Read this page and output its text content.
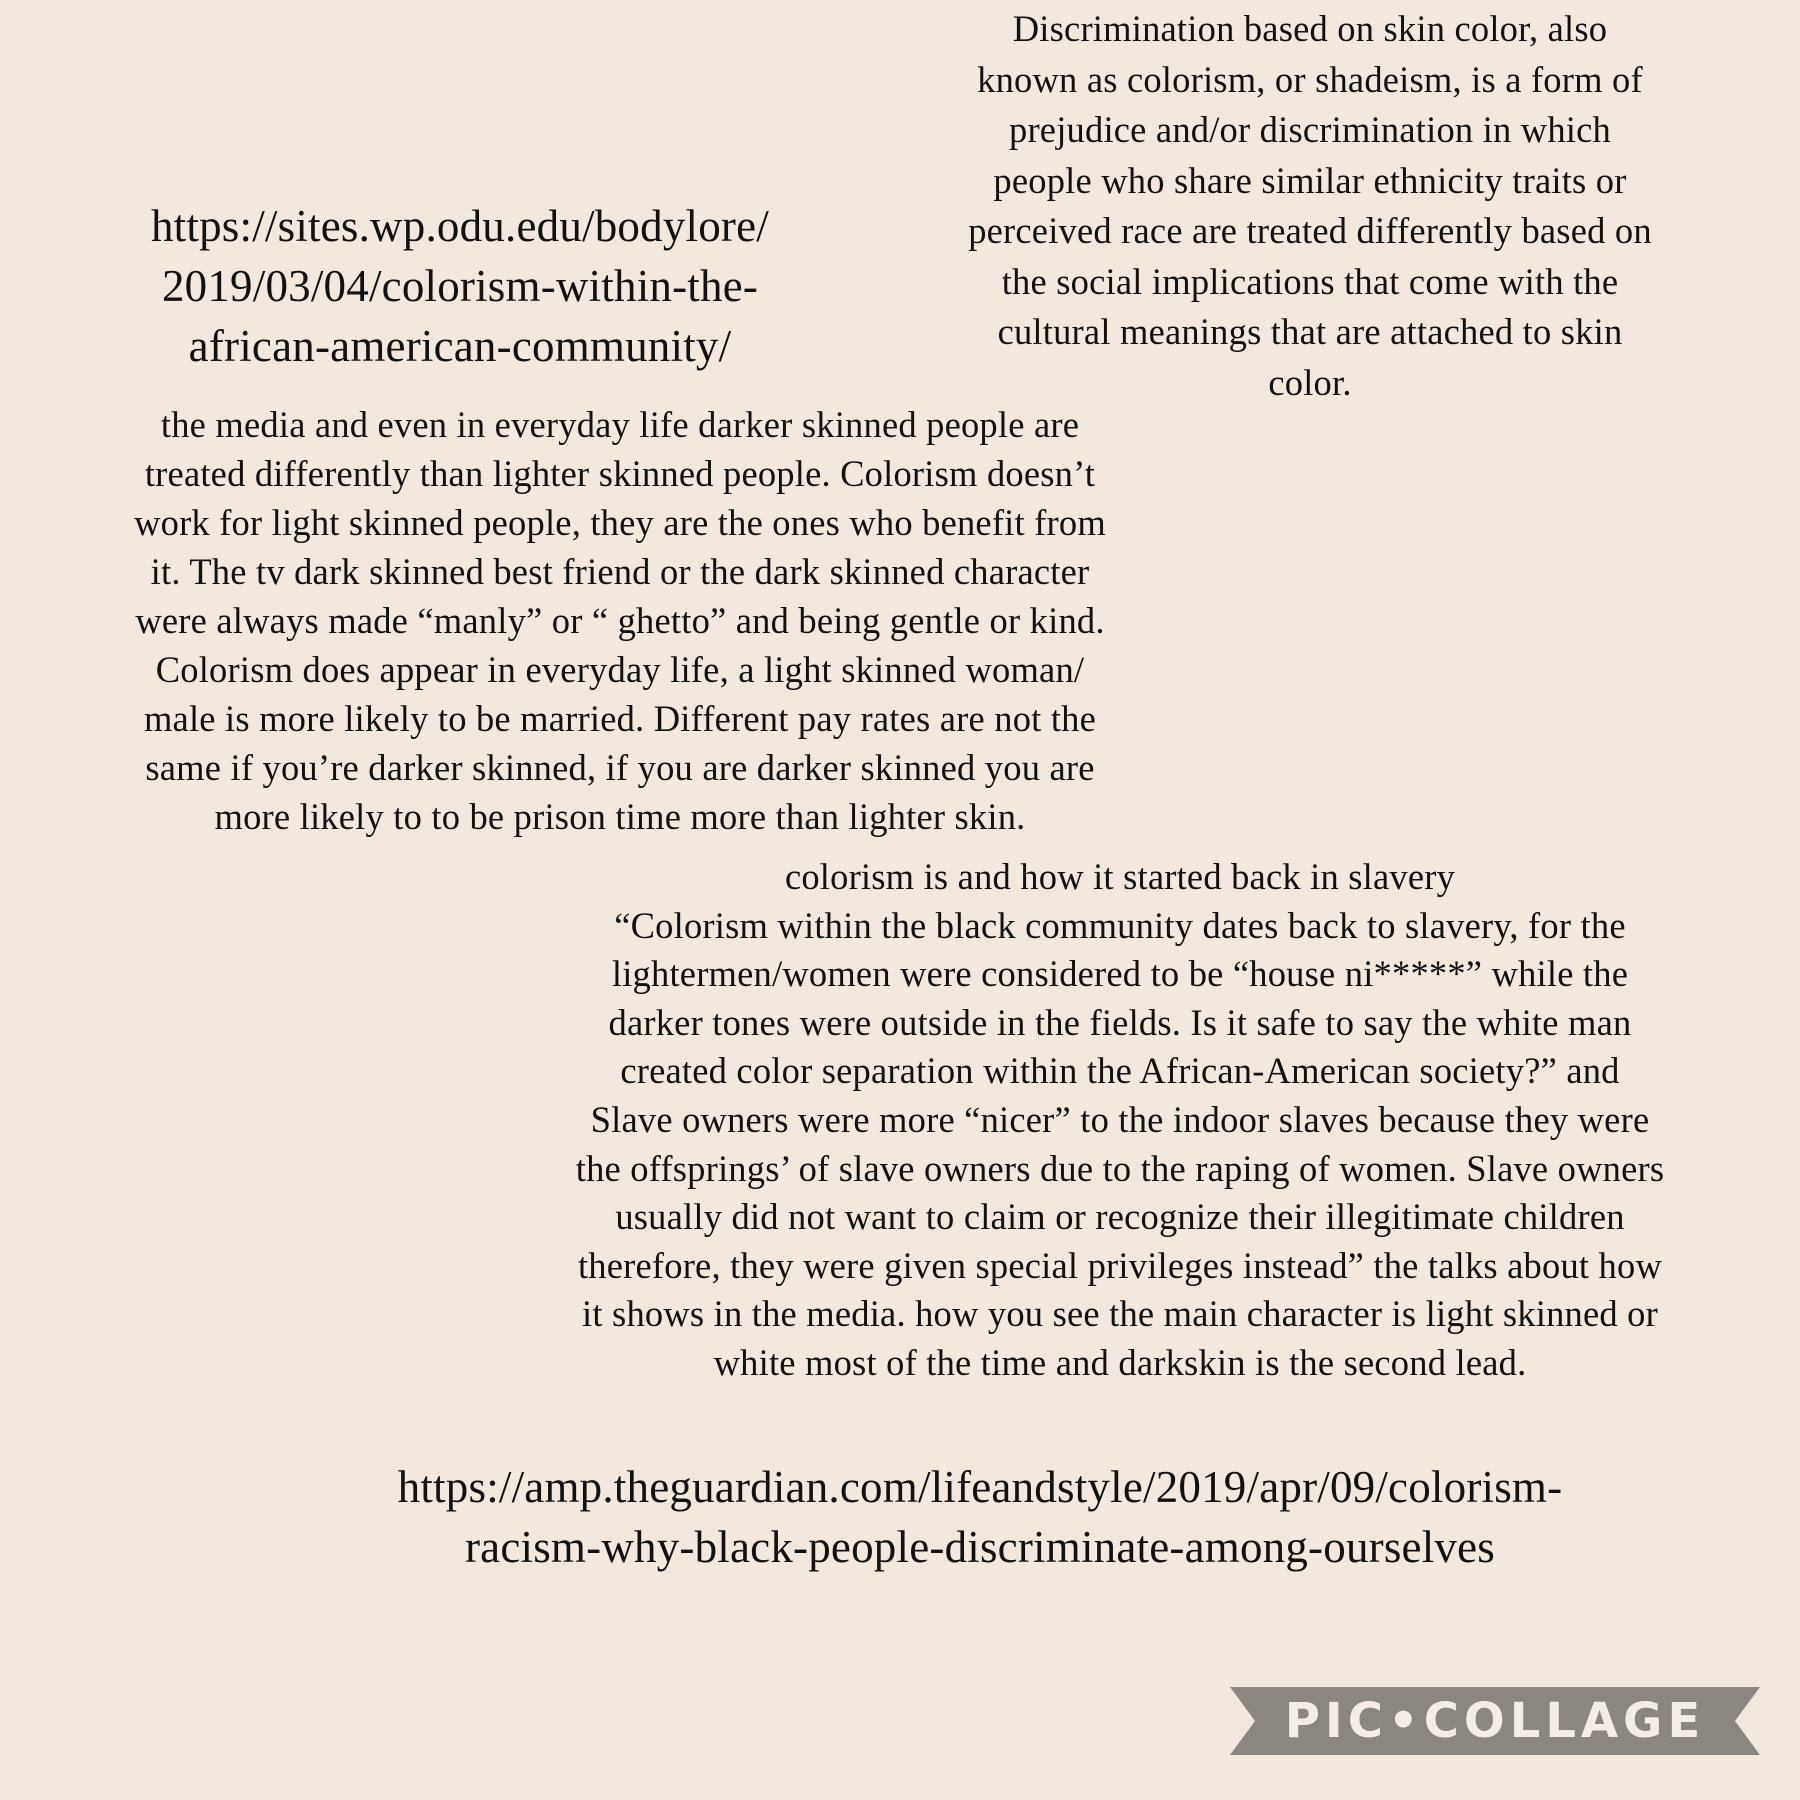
Discrimination based on skin color, also
known as colorism, or shadeism, is a form of
prejudice and/or discrimination in which
people who share similar ethnicity traits or
perceived race are treated differently based on
the social implications that come with the
cultural meanings that are attached to skin
color.
https://sites.wp.odu.edu/bodylore/
2019/03/04/colorism-within-the-
african-american-community/
the media and even in everyday life darker skinned people are
treated differently than lighter skinned people. Colorism doesn’t
work for light skinned people, they are the ones who benefit from
it. The tv dark skinned best friend or the dark skinned character
were always made “manly” or “ ghetto” and being gentle or kind.
Colorism does appear in everyday life, a light skinned woman/
male is more likely to be married. Different pay rates are not the
same if you’re darker skinned, if you are darker skinned you are
more likely to to be prison time more than lighter skin.
colorism is and how it started back in slavery
“Colorism within the black community dates back to slavery, for the
lightermen/women were considered to be “house ni*****” while the
darker tones were outside in the fields. Is it safe to say the white man
created color separation within the African-American society?” and
Slave owners were more “nicer” to the indoor slaves because they were
the offsprings’ of slave owners due to the raping of women. Slave owners
usually did not want to claim or recognize their illegitimate children
therefore, they were given special privileges instead” the talks about how
it shows in the media. how you see the main character is light skinned or
white most of the time and darkskin is the second lead.
https://amp.theguardian.com/lifeandstyle/2019/apr/09/colorism-
racism-why-black-people-discriminate-among-ourselves
PIC•COLLAGE
